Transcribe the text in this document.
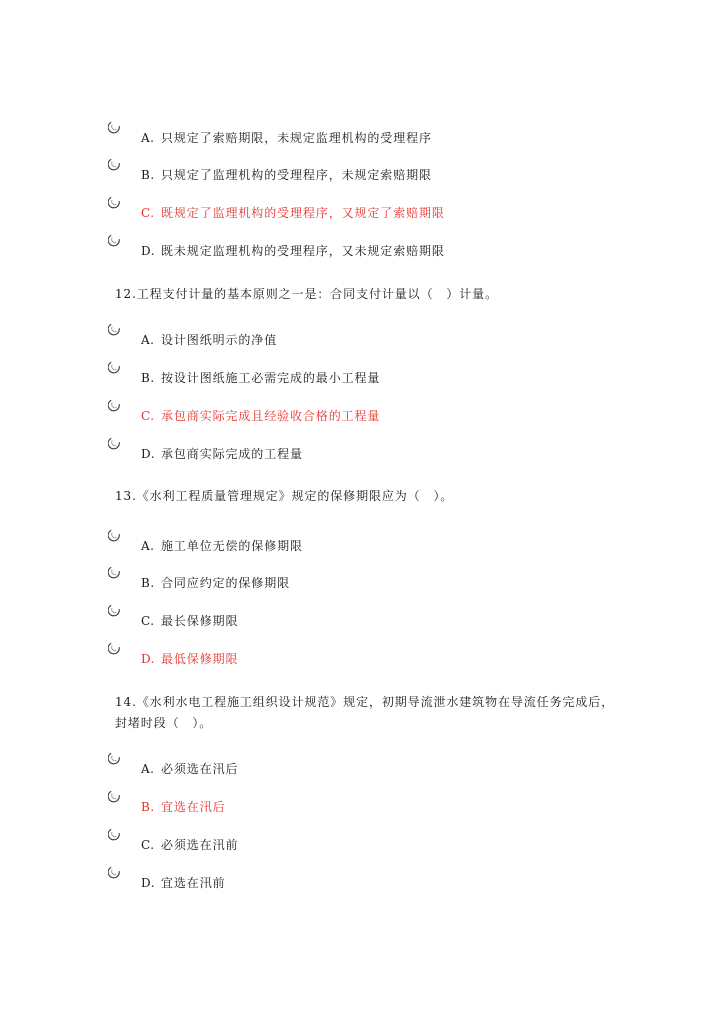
A. 只规定了索赔期限，未规定监理机构的受理程序
B. 只规定了监理机构的受理程序，未规定索赔期限
C. 既规定了监理机构的受理程序，又规定了索赔期限
D. 既未规定监理机构的受理程序，又未规定索赔期限
12.工程支付计量的基本原则之一是：合同支付计量以（　）计量。
A. 设计图纸明示的净值
B. 按设计图纸施工必需完成的最小工程量
C. 承包商实际完成且经验收合格的工程量
D. 承包商实际完成的工程量
13.《水利工程质量管理规定》规定的保修期限应为（　）。
A. 施工单位无偿的保修期限
B. 合同应约定的保修期限
C. 最长保修期限
D. 最低保修期限
14.《水利水电工程施工组织设计规范》规定，初期导流泄水建筑物在导流任务完成后，封堵时段（　）。
A. 必须选在汛后
B. 宜选在汛后
C. 必须选在汛前
D. 宜选在汛前
